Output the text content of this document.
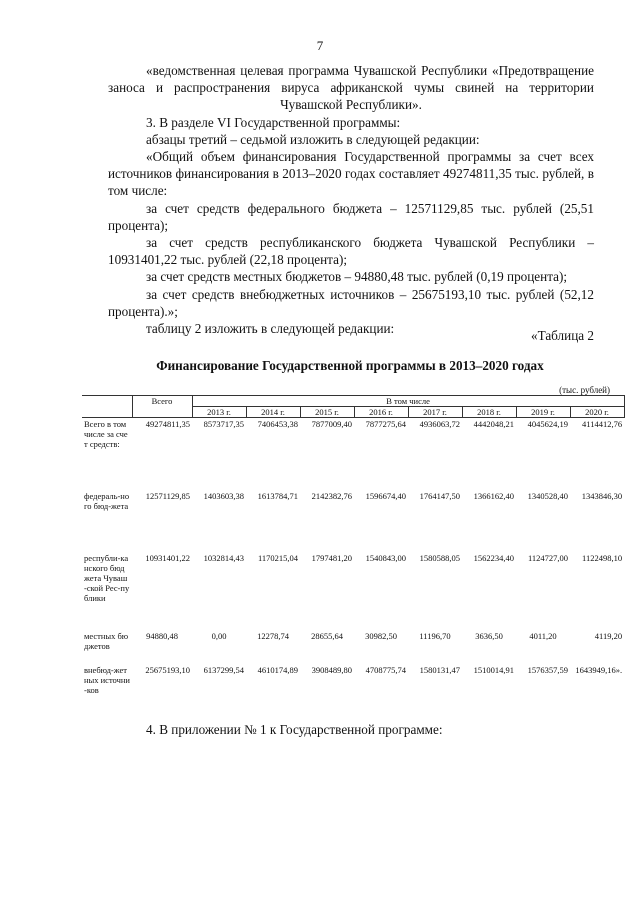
7

«ведомственная целевая программа Чувашской Республики «Предотвращение заноса и распространения вируса африканской чумы свиней на территории Чувашской Республики».

3. В разделе VI Государственной программы:

абзацы третий – седьмой изложить в следующей редакции:

«Общий объем финансирования Государственной программы за счет всех источников финансирования в 2013–2020 годах составляет 49274811,35 тыс. рублей, в том числе:

за счет средств федерального бюджета – 12571129,85 тыс. рублей (25,51 процента);

за счет средств республиканского бюджета Чувашской Республики – 10931401,22 тыс. рублей (22,18 процента);

за счет средств местных бюджетов – 94880,48 тыс. рублей (0,19 процента);

за счет средств внебюджетных источников – 25675193,10 тыс. рублей (52,12 процента).»;

таблицу 2 изложить в следующей редакции:	«Таблица 2
Финансирование Государственной программы в 2013–2020 годах
(тыс. рублей)
	Всего	В том числе							
		2013 г.	2014 г.	2015 г.	2016 г.	2017 г.	2018 г.	2019 г.	2020 г.
Всего в том числе за счет средств:	49274811,35	8573717,35	7406453,38	7877009,40	7877275,64	4936063,72	4442048,21	4045624,19	4114412,76
федераль-ного бюд-жета	12571129,85	1403603,38	1613784,71	2142382,76	1596674,40	1764147,50	1366162,40	1340528,40	1343846,30
республи-канского бюджета Чуваш-ской Рес-публики	10931401,22	1032814,43	1170215,04	1797481,20	1540843,00	1580588,05	1562234,40	1124727,00	1122498,10
местных бюджетов	94880,48	0,00	12278,74	28655,64	30982,50	11196,70	3636,50	4011,20	4119,20
внебюд-жетных источни-ков	25675193,10	6137299,54	4610174,89	3908489,80	4708775,74	1580131,47	1510014,91	1576357,59	1643949,16».
4. В приложении № 1 к Государственной программе:
